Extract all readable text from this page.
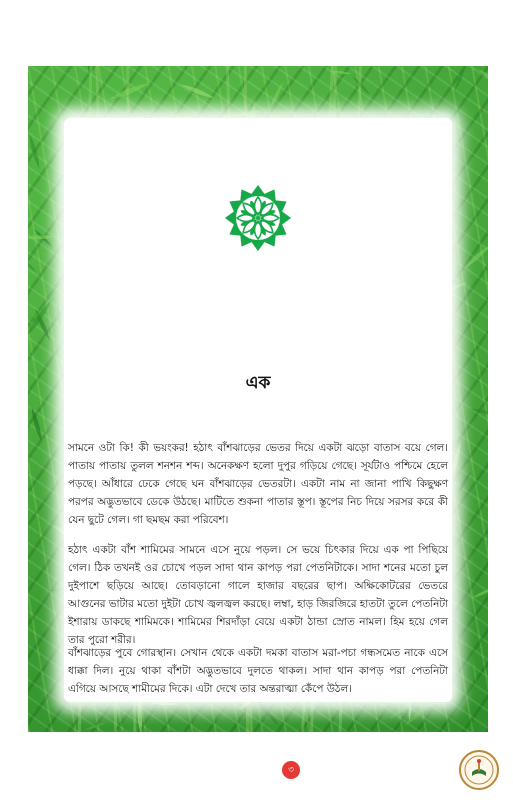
এক

সামনে ওটা কি! কী ভয়ংকর! হঠাৎ বাঁশঝাড়ের ভেতর দিয়ে একটা ঝড়ো বাতাস বয়ে গেল। পাতায় পাতায় তুলল শনশন শব্দ। অনেকক্ষণ হলো দুপুর গড়িয়ে গেছে। সূর্যটাও পশ্চিমে হেলে পড়ছে। আঁধারে ঢেকে গেছে ঘন বাঁশঝাড়ের ভেতরটা। একটা নাম না জানা পাখি কিছুক্ষণ পরপর অদ্ভুতভাবে ডেকে উঠছে। মাটিতে শুকনা পাতার স্তূপ। স্তূপের নিচ দিয়ে সরসর করে কী যেন ছুটে গেল। গা ছমছম করা পরিবেশ।

হঠাৎ একটা বাঁশ শামিমের সামনে এসে নুয়ে পড়ল। সে ভয়ে চিৎকার দিয়ে এক পা পিছিয়ে গেল। ঠিক তখনই ওর চোখে পড়ল সাদা থান কাপড় পরা পেতনিটাকে। সাদা শনের মতো চুল দুইপাশে ছড়িয়ে আছে। তোবড়ানো গালে হাজার বছরের ছাপ। অক্ষিকোটরের ভেতরে আগুনের ভাটার মতো দুইটা চোখ জ্বলজ্বল করছে। লম্বা, হাড় জিরজিরে হাতটা তুলে পেতনিটা ইশারায় ডাকছে শামিমকে। শামিমের শিরদাঁড়া বেয়ে একটা ঠান্ডা স্রোত নামল। হিম হয়ে গেল তার পুরো শরীর।

বাঁশঝাড়ের পুবে গোরস্থান। সেখান থেকে একটা দমকা বাতাস মরা-পচা গন্ধসমেত নাকে এসে ধাক্কা দিল। নুয়ে থাকা বাঁশটা অদ্ভুতভাবে দুলতে থাকল। সাদা থান কাপড় পরা পেতনিটা এগিয়ে আসছে শামীমের দিকে। এটা দেখে তার অন্তরাত্মা কেঁপে উঠল।

৩
